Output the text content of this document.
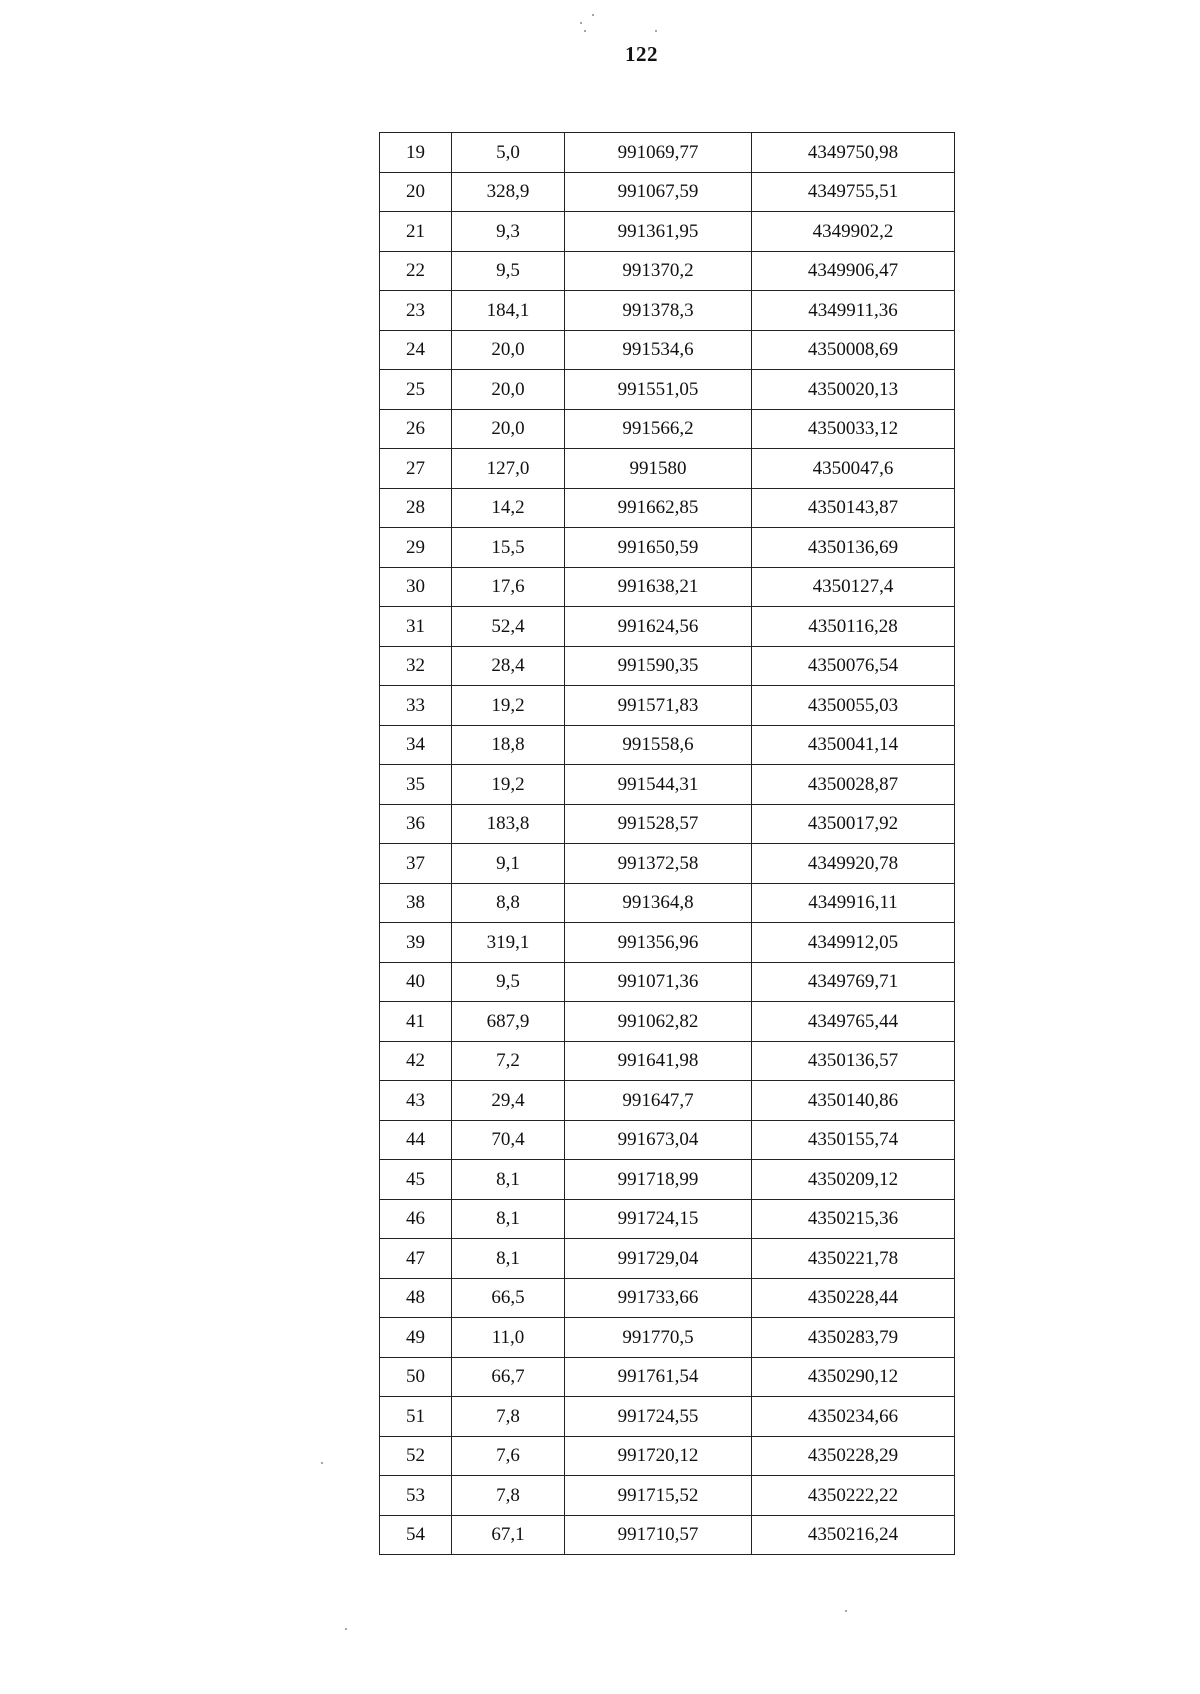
122
19	5,0	991069,77	4349750,98
20	328,9	991067,59	4349755,51
21	9,3	991361,95	4349902,2
22	9,5	991370,2	4349906,47
23	184,1	991378,3	4349911,36
24	20,0	991534,6	4350008,69
25	20,0	991551,05	4350020,13
26	20,0	991566,2	4350033,12
27	127,0	991580	4350047,6
28	14,2	991662,85	4350143,87
29	15,5	991650,59	4350136,69
30	17,6	991638,21	4350127,4
31	52,4	991624,56	4350116,28
32	28,4	991590,35	4350076,54
33	19,2	991571,83	4350055,03
34	18,8	991558,6	4350041,14
35	19,2	991544,31	4350028,87
36	183,8	991528,57	4350017,92
37	9,1	991372,58	4349920,78
38	8,8	991364,8	4349916,11
39	319,1	991356,96	4349912,05
40	9,5	991071,36	4349769,71
41	687,9	991062,82	4349765,44
42	7,2	991641,98	4350136,57
43	29,4	991647,7	4350140,86
44	70,4	991673,04	4350155,74
45	8,1	991718,99	4350209,12
46	8,1	991724,15	4350215,36
47	8,1	991729,04	4350221,78
48	66,5	991733,66	4350228,44
49	11,0	991770,5	4350283,79
50	66,7	991761,54	4350290,12
51	7,8	991724,55	4350234,66
52	7,6	991720,12	4350228,29
53	7,8	991715,52	4350222,22
54	67,1	991710,57	4350216,24
